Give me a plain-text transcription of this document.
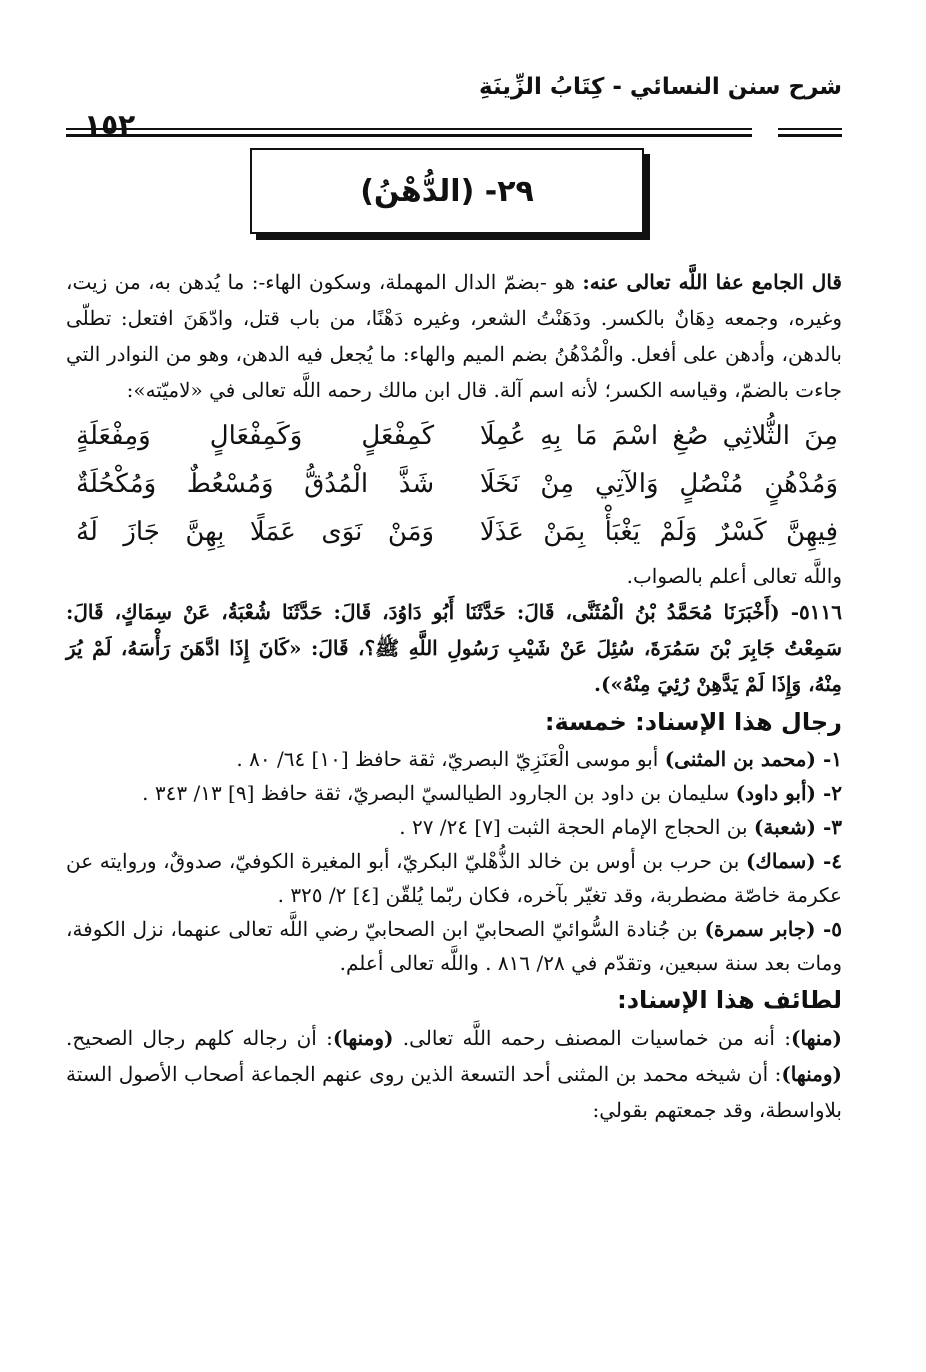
شرح سنن النسائي - كِتَابُ الزِّينَةِ
١٥٢
٢٩- (الدُّهْنُ)

قال الجامع عفا اللَّه تعالى عنه: هو -بضمّ الدال المهملة، وسكون الهاء-: ما يُدهن به، من زيت، وغيره، وجمعه دِهَانٌ بالكسر. ودَهَنْتُ الشعر، وغيره دَهْنًا، من باب قتل، وادّهَنَ افتعل: تطلّى بالدهن، وأدهن على أفعل. والْمُدْهُنُ بضم الميم والهاء: ما يُجعل فيه الدهن، وهو من النوادر التي جاءت بالضمّ، وقياسه الكسر؛ لأنه اسم آلة. قال ابن مالك رحمه اللَّه تعالى في «لاميّته»:

مِنَ الثُّلاثِي صُغِ اسْمَ مَا بِهِ عُمِلَا
كَمِفْعَلٍ وَكَمِفْعَالٍ وَمِفْعَلَةٍ
وَمُدْهُنٍ مُنْصُلٍ وَالآتِي مِنْ نَخَلَا
شَذَّ الْمُدُقُّ وَمُسْعُطٌ وَمُكْحُلَةٌ
فِيهِنَّ كَسْرٌ وَلَمْ يَغْبَأْ بِمَنْ عَذَلَا
وَمَنْ نَوَى عَمَلًا بِهِنَّ جَازَ لَهُ

واللَّه تعالى أعلم بالصواب.

٥١١٦- (أَخْبَرَنَا مُحَمَّدُ بْنُ الْمُثَنَّى، قَالَ: حَدَّثَنَا أَبُو دَاوُدَ، قَالَ: حَدَّثَنَا شُعْبَةُ، عَنْ سِمَاكٍ، قَالَ: سَمِعْتُ جَابِرَ بْنَ سَمُرَةَ، سُئِلَ عَنْ شَيْبِ رَسُولِ اللَّهِ ﷺ؟، قَالَ: «كَانَ إِذَا ادَّهَنَ رَأْسَهُ، لَمْ يُرَ مِنْهُ، وَإِذَا لَمْ يَدَّهِنْ رُئِيَ مِنْهُ»).

رجال هذا الإسناد: خمسة:

١- (محمد بن المثنى) أبو موسى الْعَنَزِيّ البصريّ، ثقة حافظ [١٠] ٦٤/ ٨٠ .

٢- (أبو داود) سليمان بن داود بن الجارود الطيالسيّ البصريّ، ثقة حافظ [٩] ١٣/ ٣٤٣ .

٣- (شعبة) بن الحجاج الإمام الحجة الثبت [٧] ٢٤/ ٢٧ .

٤- (سماك) بن حرب بن أوس بن خالد الذُّهْليّ البكريّ، أبو المغيرة الكوفيّ، صدوقٌ، وروايته عن عكرمة خاصّة مضطربة، وقد تغيّر بآخره، فكان ربّما يُلقّن [٤] ٢/ ٣٢٥ .

٥- (جابر سمرة) بن جُنادة السُّوائيّ الصحابيّ ابن الصحابيّ رضي اللَّه تعالى عنهما، نزل الكوفة، ومات بعد سنة سبعين، وتقدّم في ٢٨/ ٨١٦ . واللَّه تعالى أعلم.

لطائف هذا الإسناد:

(منها): أنه من خماسيات المصنف رحمه اللَّه تعالى. (ومنها): أن رجاله كلهم رجال الصحيح. (ومنها): أن شيخه محمد بن المثنى أحد التسعة الذين روى عنهم الجماعة أصحاب الأصول الستة بلاواسطة، وقد جمعتهم بقولي:
